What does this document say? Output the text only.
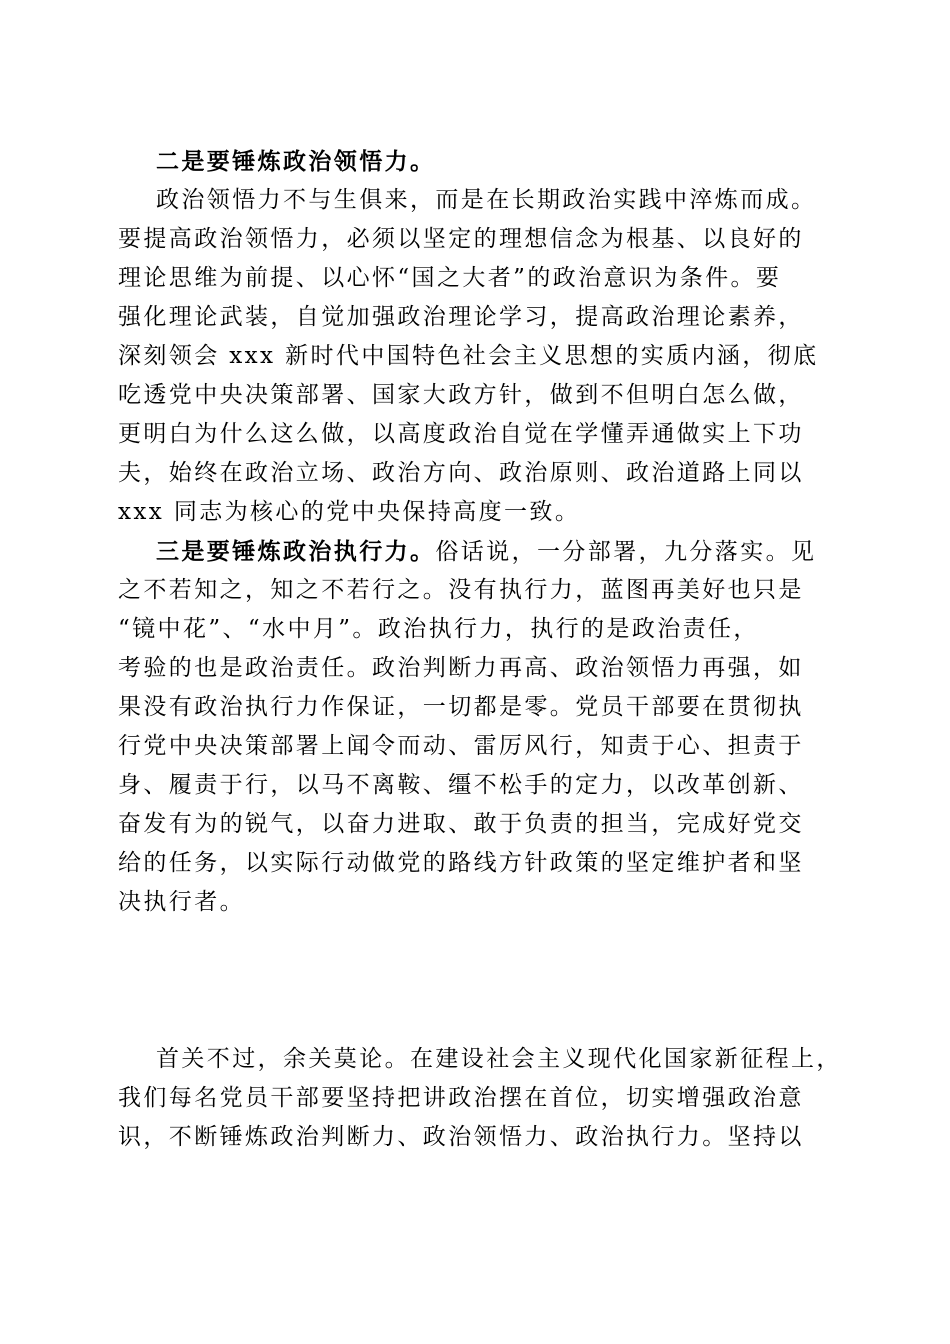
二是要锤炼政治领悟力。
政治领悟力不与生俱来，而是在长期政治实践中淬炼而成。
要提高政治领悟力，必须以坚定的理想信念为根基、以良好的
理论思维为前提、以心怀“国之大者”的政治意识为条件。要
强化理论武装，自觉加强政治理论学习，提高政治理论素养，
深刻领会 xxx 新时代中国特色社会主义思想的实质内涵，彻底
吃透党中央决策部署、国家大政方针，做到不但明白怎么做，
更明白为什么这么做，以高度政治自觉在学懂弄通做实上下功
夫，始终在政治立场、政治方向、政治原则、政治道路上同以
xxx 同志为核心的党中央保持高度一致。
三是要锤炼政治执行力。俗话说，一分部署，九分落实。见
之不若知之，知之不若行之。没有执行力，蓝图再美好也只是
“镜中花”、“水中月”。政治执行力，执行的是政治责任，
考验的也是政治责任。政治判断力再高、政治领悟力再强，如
果没有政治执行力作保证，一切都是零。党员干部要在贯彻执
行党中央决策部署上闻令而动、雷厉风行，知责于心、担责于
身、履责于行，以马不离鞍、缰不松手的定力，以改革创新、
奋发有为的锐气，以奋力进取、敢于负责的担当，完成好党交
给的任务，以实际行动做党的路线方针政策的坚定维护者和坚
决执行者。
首关不过，余关莫论。在建设社会主义现代化国家新征程上，
我们每名党员干部要坚持把讲政治摆在首位，切实增强政治意
识，不断锤炼政治判断力、政治领悟力、政治执行力。坚持以
